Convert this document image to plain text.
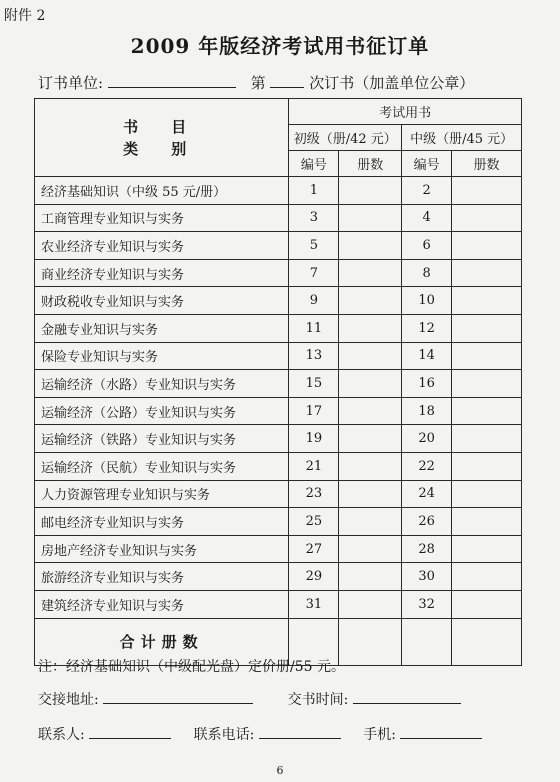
附件 2
2009 年版经济考试用书征订单
订书单位:	第	次订书（加盖单位公章）
书 目
类 别	考试用书			
	初级（册/42 元）		中级（册/45 元）	
	编号	册数	编号	册数
经济基础知识（中级 55 元/册）	1		2	
工商管理专业知识与实务	3		4	
农业经济专业知识与实务	5		6	
商业经济专业知识与实务	7		8	
财政税收专业知识与实务	9		10	
金融专业知识与实务	11		12	
保险专业知识与实务	13		14	
运输经济（水路）专业知识与实务	15		16	
运输经济（公路）专业知识与实务	17		18	
运输经济（铁路）专业知识与实务	19		20	
运输经济（民航）专业知识与实务	21		22	
人力资源管理专业知识与实务	23		24	
邮电经济专业知识与实务	25		26	
房地产经济专业知识与实务	27		28	
旅游经济专业知识与实务	29		30	
建筑经济专业知识与实务	31		32	
合计册数				
注：经济基础知识（中级配光盘）定价册/55 元。
交接地址:	交书时间:
联系人:	联系电话:	手机:
6
